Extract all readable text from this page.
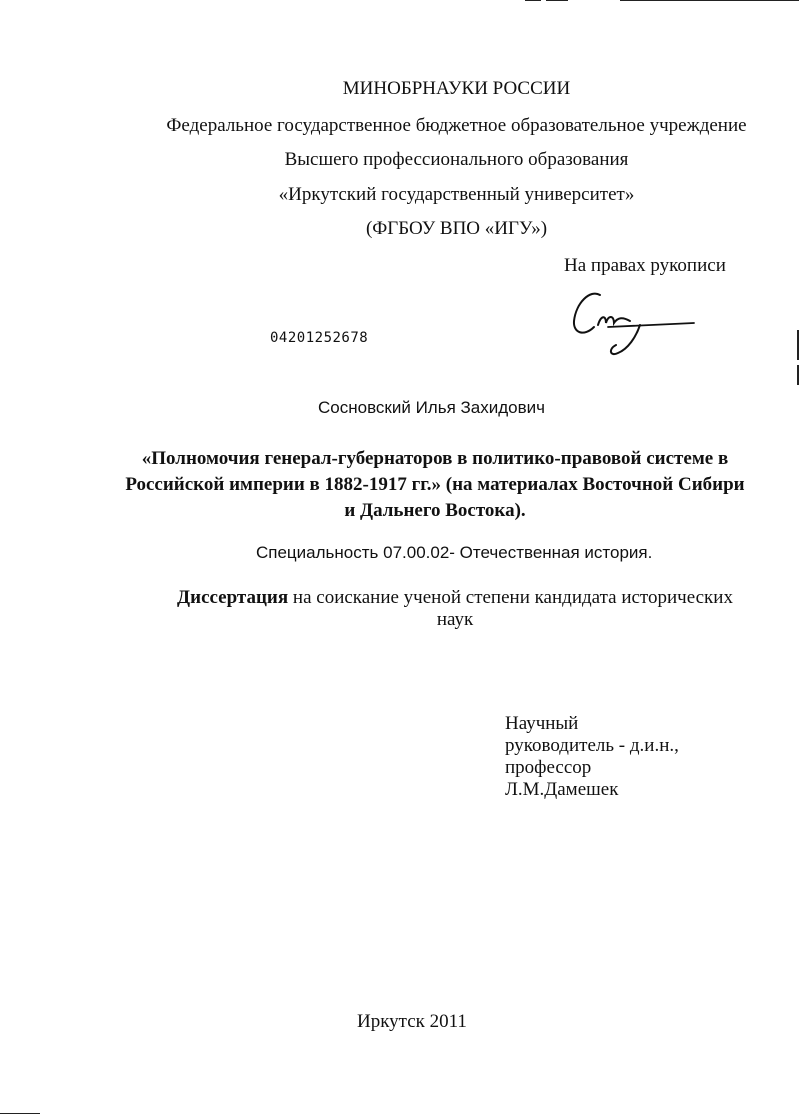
МИНОБРНАУКИ РОССИИ
Федеральное государственное бюджетное образовательное учреждение
Высшего профессионального образования
«Иркутский государственный университет»
(ФГБОУ ВПО «ИГУ»)
На правах рукописи
04201252678
Сосновский Илья Захидович
«Полномочия генерал-губернаторов в политико-правовой системе в
Российской империи в 1882-1917 гг.» (на материалах Восточной Сибири
и Дальнего Востока).
Специальность 07.00.02- Отечественная история.
Диссертация на соискание ученой степени кандидата исторических
наук
Научный
руководитель - д.и.н.,
профессор
Л.М.Дамешек
Иркутск 2011
